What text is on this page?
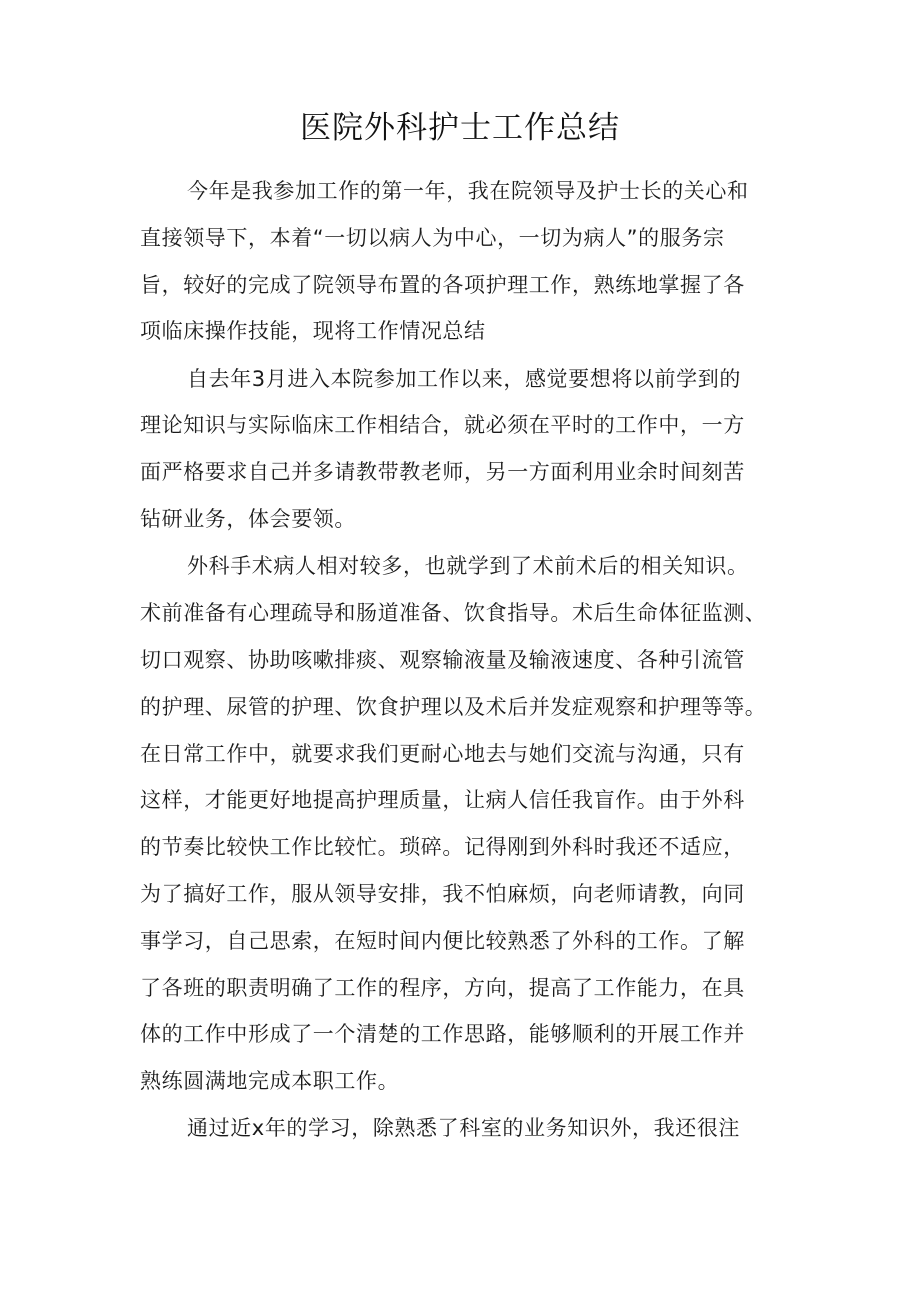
医院外科护士工作总结
今年是我参加工作的第一年，我在院领导及护士长的关心和
直接领导下，本着“一切以病人为中心，一切为病人”的服务宗
旨，较好的完成了院领导布置的各项护理工作，熟练地掌握了各
项临床操作技能，现将工作情况总结
自去年3月进入本院参加工作以来，感觉要想将以前学到的
理论知识与实际临床工作相结合，就必须在平时的工作中，一方
面严格要求自己并多请教带教老师，另一方面利用业余时间刻苦
钻研业务，体会要领。
外科手术病人相对较多，也就学到了术前术后的相关知识。
术前准备有心理疏导和肠道准备、饮食指导。术后生命体征监测、
切口观察、协助咳嗽排痰、观察输液量及输液速度、各种引流管
的护理、尿管的护理、饮食护理以及术后并发症观察和护理等等。
在日常工作中，就要求我们更耐心地去与她们交流与沟通，只有
这样，才能更好地提高护理质量，让病人信任我盲作。由于外科
的节奏比较快工作比较忙。琐碎。记得刚到外科时我还不适应，
为了搞好工作，服从领导安排，我不怕麻烦，向老师请教，向同
事学习，自己思索，在短时间内便比较熟悉了外科的工作。了解
了各班的职责明确了工作的程序，方向，提高了工作能力，在具
体的工作中形成了一个清楚的工作思路，能够顺利的开展工作并
熟练圆满地完成本职工作。
通过近x年的学习，除熟悉了科室的业务知识外，我还很注
